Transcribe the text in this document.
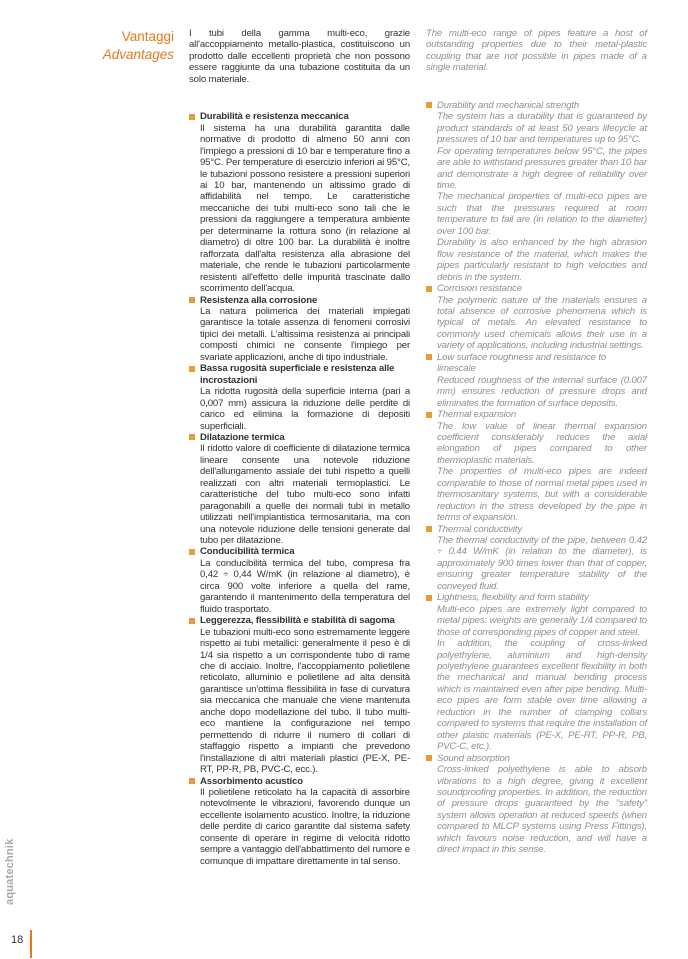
Vantaggi
Advantages

I tubi della gamma multi-eco, grazie all'accoppiamento metallo-plastica, costituiscono un prodotto dalle eccellenti proprietà che non possono essere raggiunte da una tubazione costituita da un solo materiale.

Durabilità e resistenza meccanica

Il sistema ha una durabilità garantita dalle normative di prodotto di almeno 50 anni con l'impiego a pressioni di 10 bar e temperature fino a 95°C. Per temperature di esercizio inferiori ai 95°C, le tubazioni possono resistere a pressioni superiori ai 10 bar, mantenendo un altissimo grado di affidabilità nel tempo. Le caratteristiche meccaniche dei tubi multi-eco sono tali che le pressioni da raggiungere a temperatura ambiente per determinarne la rottura sono (in relazione al diametro) di oltre 100 bar. La durabilità è inoltre rafforzata dall'alta resistenza alla abrasione del materiale, che rende le tubazioni particolarmente resistenti all'effetto delle impurità trascinate dallo scorrimento dell'acqua.

Resistenza alla corrosione

La natura polimerica dei materiali impiegati garantisce la totale assenza di fenomeni corrosivi tipici dei metalli. L'altissima resistenza ai principali composti chimici ne consente l'impiego per svariate applicazioni, anche di tipo industriale.

Bassa rugosità superficiale e resistenza alle incrostazioni

La ridotta rugosità della superficie interna (pari a 0,007 mm) assicura la riduzione delle perdite di carico ed elimina la formazione di depositi superficiali.

Dilatazione termica

Il ridotto valore di coefficiente di dilatazione termica lineare consente una notevole riduzione dell'allungamento assiale dei tubi rispetto a quelli realizzati con altri materiali termoplastici. Le caratteristiche del tubo multi-eco sono infatti paragonabili a quelle dei normali tubi in metallo utilizzati nell'impiantistica termosanitaria, ma con una notevole riduzione delle tensioni generate dal tubo per dilatazione.

Conducibilità termica

La conducibilità termica del tubo, compresa fra 0,42 ÷ 0,44 W/mK (in relazione al diametro), è circa 900 volte inferiore a quella del rame, garantendo il mantenimento della temperatura del fluido trasportato.

Leggerezza, flessibilità e stabilità di sagoma

Le tubazioni multi-eco sono estremamente leggere rispetto ai tubi metallici: generalmente il peso è di 1/4 sia rispetto a un corrispondente tubo di rame che di acciaio. Inoltre, l'accoppiamento polietilene reticolato, alluminio e polietilene ad alta densità garantisce un'ottima flessibilità in fase di curvatura sia meccanica che manuale che viene mantenuta anche dopo modellazione del tubo. Il tubo multi-eco mantiene la configurazione nel tempo permettendo di ridurre il numero di collari di staffaggio rispetto a impianti che prevedono l'installazione di altri materiali plastici (PE-X, PE-RT, PP-R, PB, PVC-C, ecc.).

Assorbimento acustico

Il polietilene reticolato ha la capacità di assorbire notevolmente le vibrazioni, favorendo dunque un eccellente isolamento acustico. Inoltre, la riduzione delle perdite di carico garantite dal sistema safety consente di operare in regime di velocità ridotto sempre a vantaggio dell'abbattimento del rumore e comunque di impattare direttamente in tal senso.

The multi-eco range of pipes feature a host of outstanding properties due to their metal-plastic coupling that are not possible in pipes made of a single material.

Durability and mechanical strength

The system has a durability that is guaranteed by product standards of at least 50 years lifecycle at pressures of 10 bar and temperatures up to 95°C.

For operating temperatures below 95°C, the pipes are able to withstand pressures greater than 10 bar and demonstrate a high degree of reliability over time.

The mechanical properties of multi-eco pipes are such that the pressures required at room temperature to fail are (in relation to the diameter) over 100 bar.

Durability is also enhanced by the high abrasion flow resistance of the material, which makes the pipes particularly resistant to high velocities and debris in the system.

Corrosion resistance

The polymeric nature of the materials ensures a total absence of corrosive phenomena which is typical of metals. An elevated resistance to commonly used chemicals allows their use in a variety of applications, including industrial settings.

Low surface roughness and resistance to limescale

Reduced roughness of the internal surface (0.007 mm) ensures reduction of pressure drops and eliminates the formation of surface deposits.

Thermal expansion

The low value of linear thermal expansion coefficient considerably reduces the axial elongation of pipes compared to other thermoplastic materials.

The properties of multi-eco pipes are indeed comparable to those of normal metal pipes used in thermosanitary systems, but with a considerable reduction in the stress developed by the pipe in terms of expansion.

Thermal conductivity

The thermal conductivity of the pipe, between 0.42 ÷ 0.44 W/mK (in relation to the diameter), is approximately 900 times lower than that of copper, ensuring greater temperature stability of the conveyed fluid.

Lightness, flexibility and form stability

Multi-eco pipes are extremely light compared to metal pipes: weights are generally 1/4 compared to those of corresponding pipes of copper and steel.

In addition, the coupling of cross-linked polyethylene, aluminium and high-density polyethylene guarantees excellent flexibility in both the mechanical and manual bending process which is maintained even after pipe bending. Multi-eco pipes are form stable over time allowing a reduction in the number of clamping collars compared to systems that require the installation of other plastic materials (PE-X, PE-RT, PP-R, PB, PVC-C, etc.).

Sound absorption

Cross-linked polyethylene is able to absorb vibrations to a high degree, giving it excellent soundproofing properties. In addition, the reduction of pressure drops guaranteed by the "safety" system allows operation at reduced speeds (when compared to MLCP systems using Press Fittings), which favours noise reduction, and will have a direct impact in this sense.

aquatechnik
18
